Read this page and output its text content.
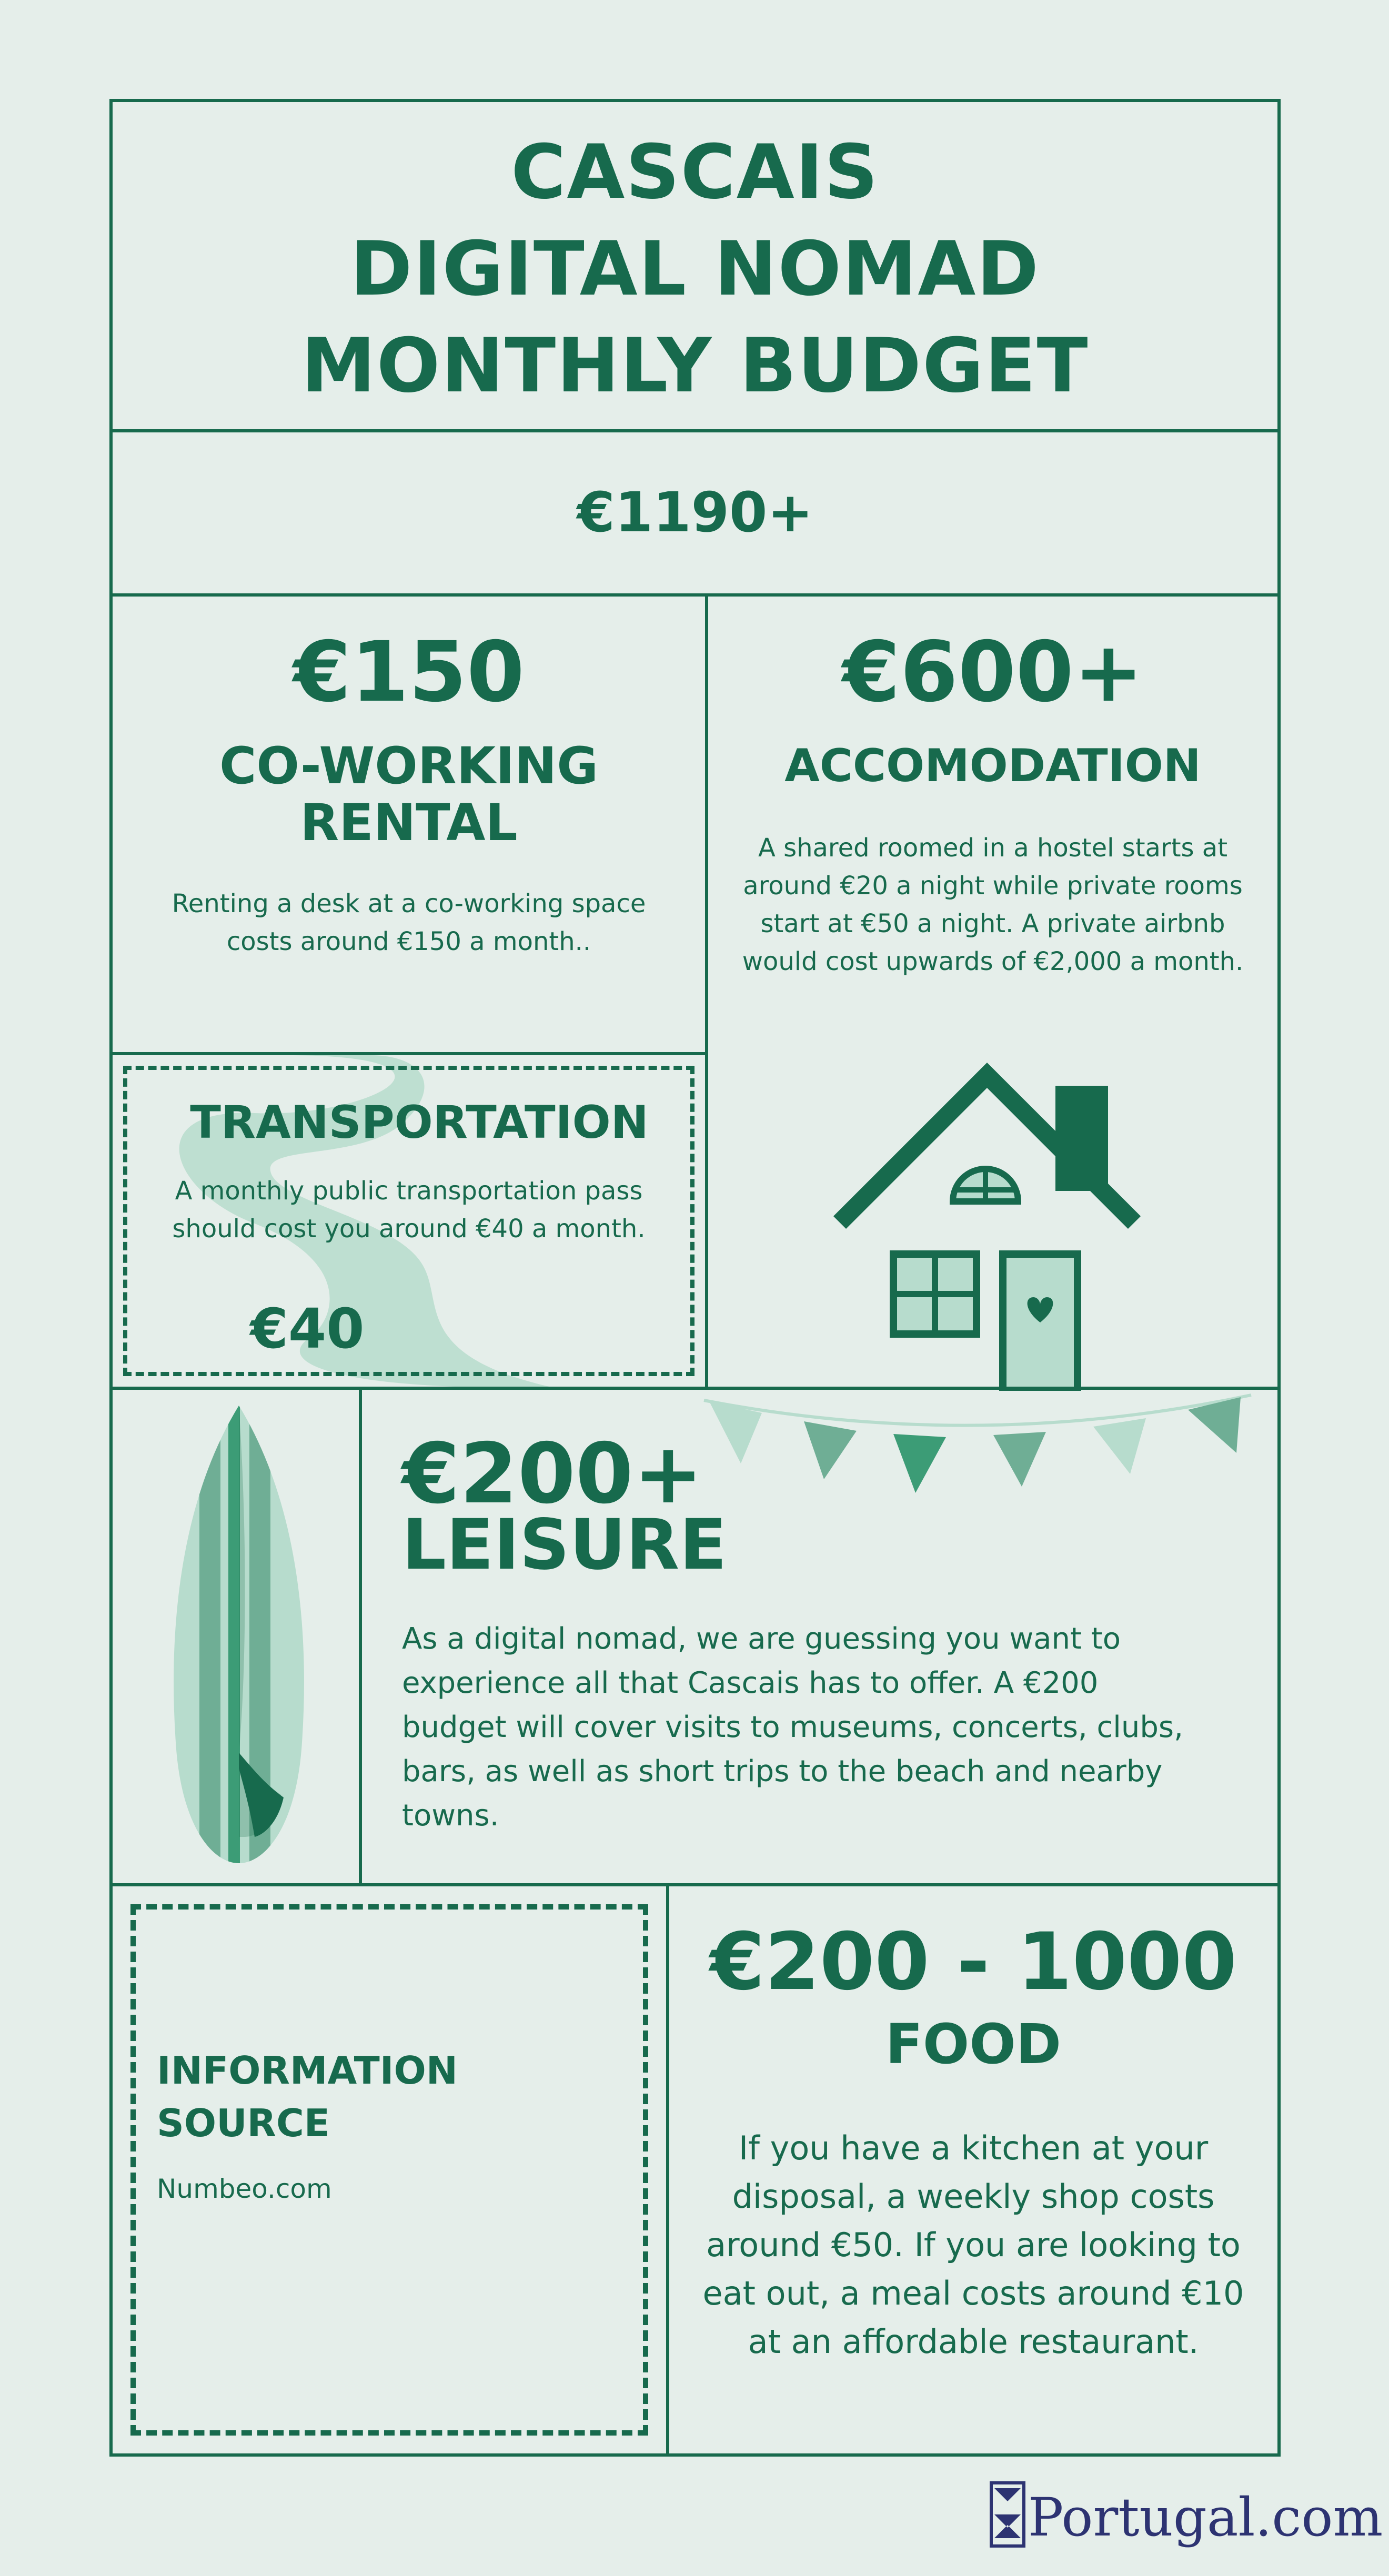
CASCAIS
DIGITAL NOMAD
MONTHLY BUDGET
€1190+
€150
CO-WORKING
RENTAL

Renting a desk at a co-working space costs around €150 a month..

€600+
ACCOMODATION

A shared roomed in a hostel starts at around €20 a night while private rooms start at €50 a night. A private airbnb would cost upwards of €2,000 a month.

TRANSPORTATION

A monthly public transportation pass should cost you around €40 a month.

€40
€200+
LEISURE

As a digital nomad, we are guessing you want to experience all that Cascais has to offer. A €200 budget will cover visits to museums, concerts, clubs, bars, as well as short trips to the beach and nearby towns.

INFORMATION
SOURCE
Numbeo.com
€200 - 1000
FOOD

If you have a kitchen at your disposal, a weekly shop costs around €50. If you are looking to eat out, a meal costs around €10 at an affordable restaurant.

Portugal.com
